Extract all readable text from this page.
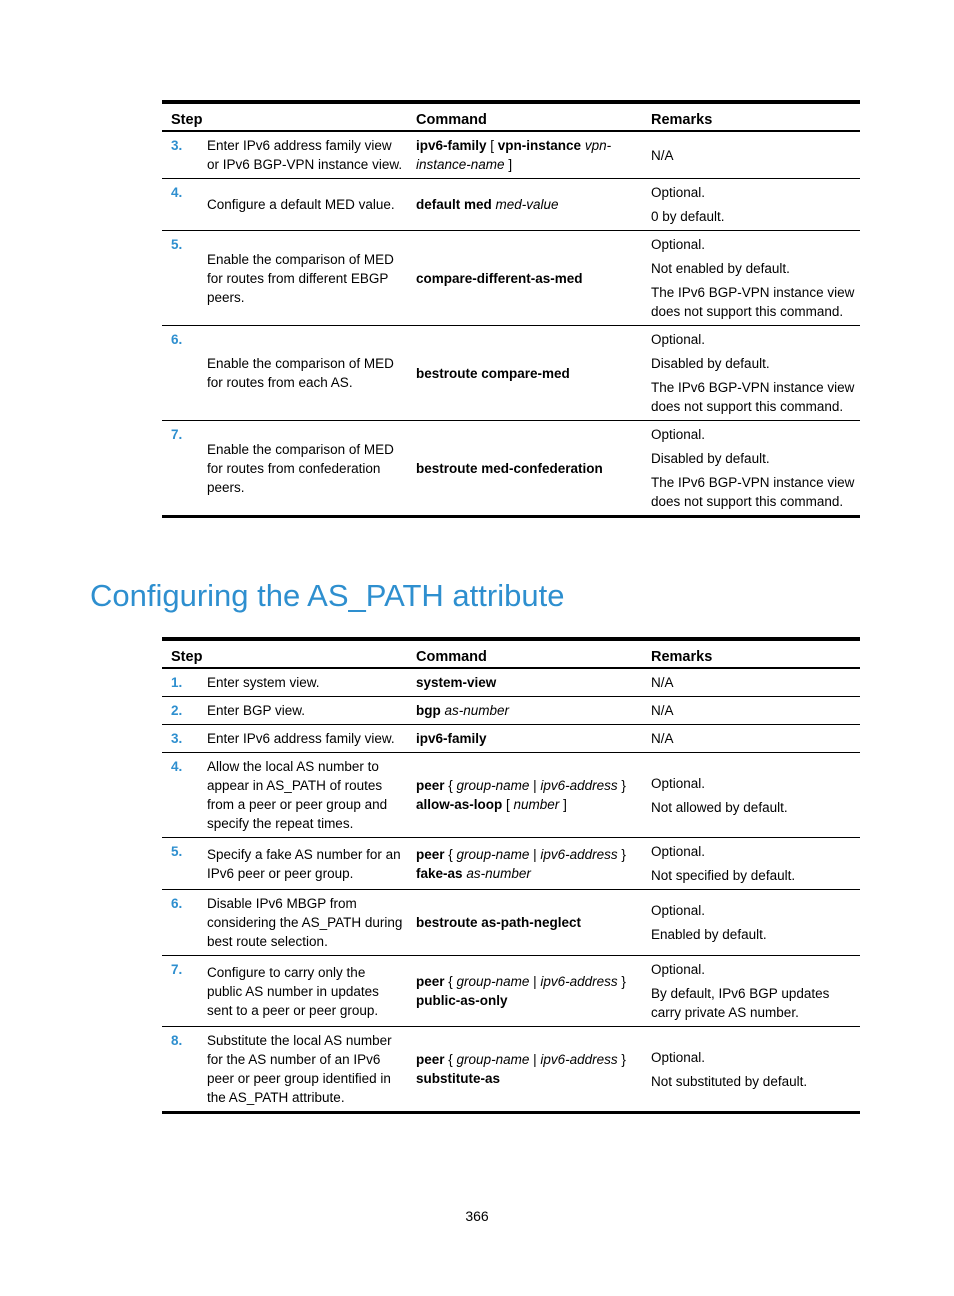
Step		Command	Remarks
3.	Enter IPv6 address family view or IPv6 BGP-VPN instance view.	ipv6-family [ vpn-instance vpn-instance-name ]	N/A

4.	Configure a default MED value.	default med med-value	Optional.

0 by default.

5.	Enable the comparison of MED for routes from different EBGP peers.	compare-different-as-med	Optional.

Not enabled by default.

The IPv6 BGP-VPN instance view does not support this command.

6.	Enable the comparison of MED for routes from each AS.	bestroute compare-med	Optional.

Disabled by default.

The IPv6 BGP-VPN instance view does not support this command.

7.	Enable the comparison of MED for routes from confederation peers.	bestroute med-confederation	Optional.

Disabled by default.

The IPv6 BGP-VPN instance view does not support this command.

Configuring the AS_PATH attribute
Step		Command	Remarks
1.	Enter system view.	system-view	N/A

2.	Enter BGP view.	bgp as-number	N/A

3.	Enter IPv6 address family view.	ipv6-family	N/A

4.	Allow the local AS number to appear in AS_PATH of routes from a peer or peer group and specify the repeat times.	peer { group-name | ipv6-address } allow-as-loop [ number ]	Optional.

Not allowed by default.

5.	Specify a fake AS number for an IPv6 peer or peer group.	peer { group-name | ipv6-address } fake-as as-number	Optional.

Not specified by default.

6.	Disable IPv6 MBGP from considering the AS_PATH during best route selection.	bestroute as-path-neglect	Optional.

Enabled by default.

7.	Configure to carry only the public AS number in updates sent to a peer or peer group.	peer { group-name | ipv6-address } public-as-only	Optional.

By default, IPv6 BGP updates carry private AS number.

8.	Substitute the local AS number for the AS number of an IPv6 peer or peer group identified in the AS_PATH attribute.	peer { group-name | ipv6-address } substitute-as	Optional.

Not substituted by default.

366
